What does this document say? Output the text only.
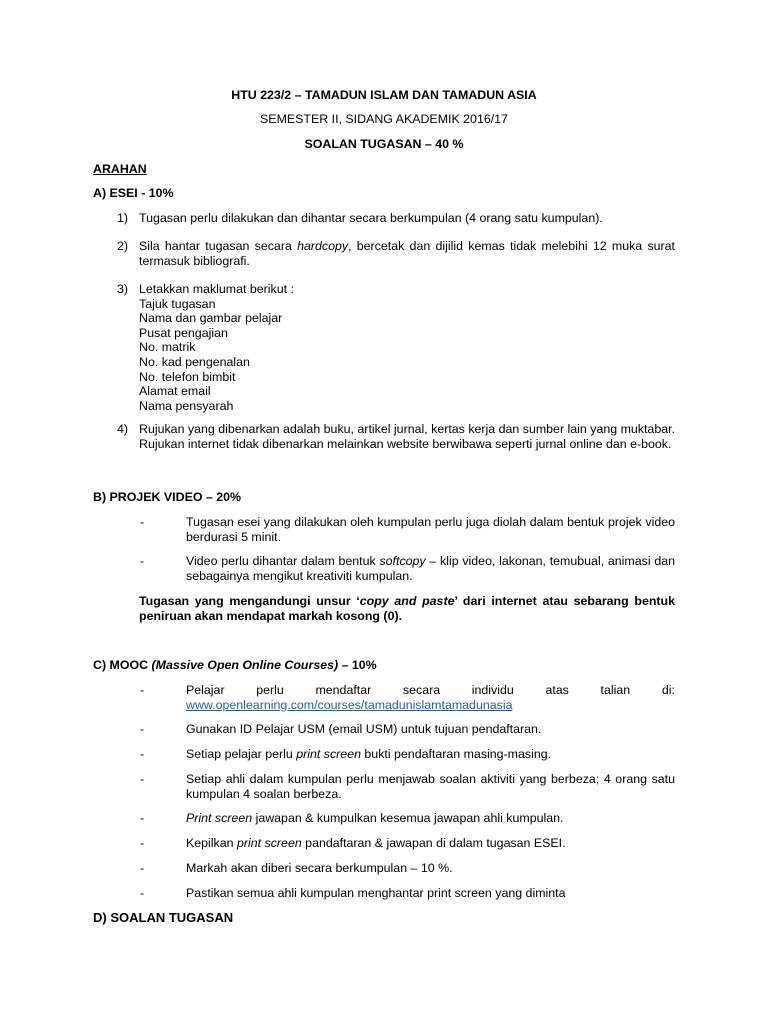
HTU 223/2 – TAMADUN ISLAM DAN TAMADUN ASIA
SEMESTER II, SIDANG AKADEMIK 2016/17
SOALAN TUGASAN – 40 %
ARAHAN
A) ESEI - 10%
1) Tugasan perlu dilakukan dan dihantar secara berkumpulan (4 orang satu kumpulan).
2) Sila hantar tugasan secara hardcopy, bercetak dan dijilid kemas tidak melebihi 12 muka surat termasuk bibliografi.
3) Letakkan maklumat berikut :
Tajuk tugasan
Nama dan gambar pelajar
Pusat pengajian
No. matrik
No. kad pengenalan
No. telefon bimbit
Alamat email
Nama pensyarah
4) Rujukan yang dibenarkan adalah buku, artikel jurnal, kertas kerja dan sumber lain yang muktabar. Rujukan internet tidak dibenarkan melainkan website berwibawa seperti jurnal online dan e-book.
B) PROJEK VIDEO – 20%
-	Tugasan esei yang dilakukan oleh kumpulan perlu juga diolah dalam bentuk projek video berdurasi 5 minit.
-	Video perlu dihantar dalam bentuk softcopy – klip video, lakonan, temubual, animasi dan sebagainya mengikut kreativiti kumpulan.
Tugasan yang mengandungi unsur ‘copy and paste’ dari internet atau sebarang bentuk peniruan akan mendapat markah kosong (0).
C) MOOC (Massive Open Online Courses) – 10%
-	Pelajar	perlu	mendaftar	secara	individu	atas	talian	di:
www.openlearning.com/courses/tamadunislamtamadunasia
-	Gunakan ID Pelajar USM (email USM) untuk tujuan pendaftaran.
-	Setiap pelajar perlu print screen bukti pendaftaran masing-masing.
-	Setiap ahli dalam kumpulan perlu menjawab soalan aktiviti yang berbeza; 4 orang satu kumpulan 4 soalan berbeza.
-	Print screen jawapan & kumpulkan kesemua jawapan ahli kumpulan.
-	Kepilkan print screen pandaftaran & jawapan di dalam tugasan ESEI.
-	Markah akan diberi secara berkumpulan – 10 %.
-	Pastikan semua ahli kumpulan menghantar print screen yang diminta
D) SOALAN TUGASAN
